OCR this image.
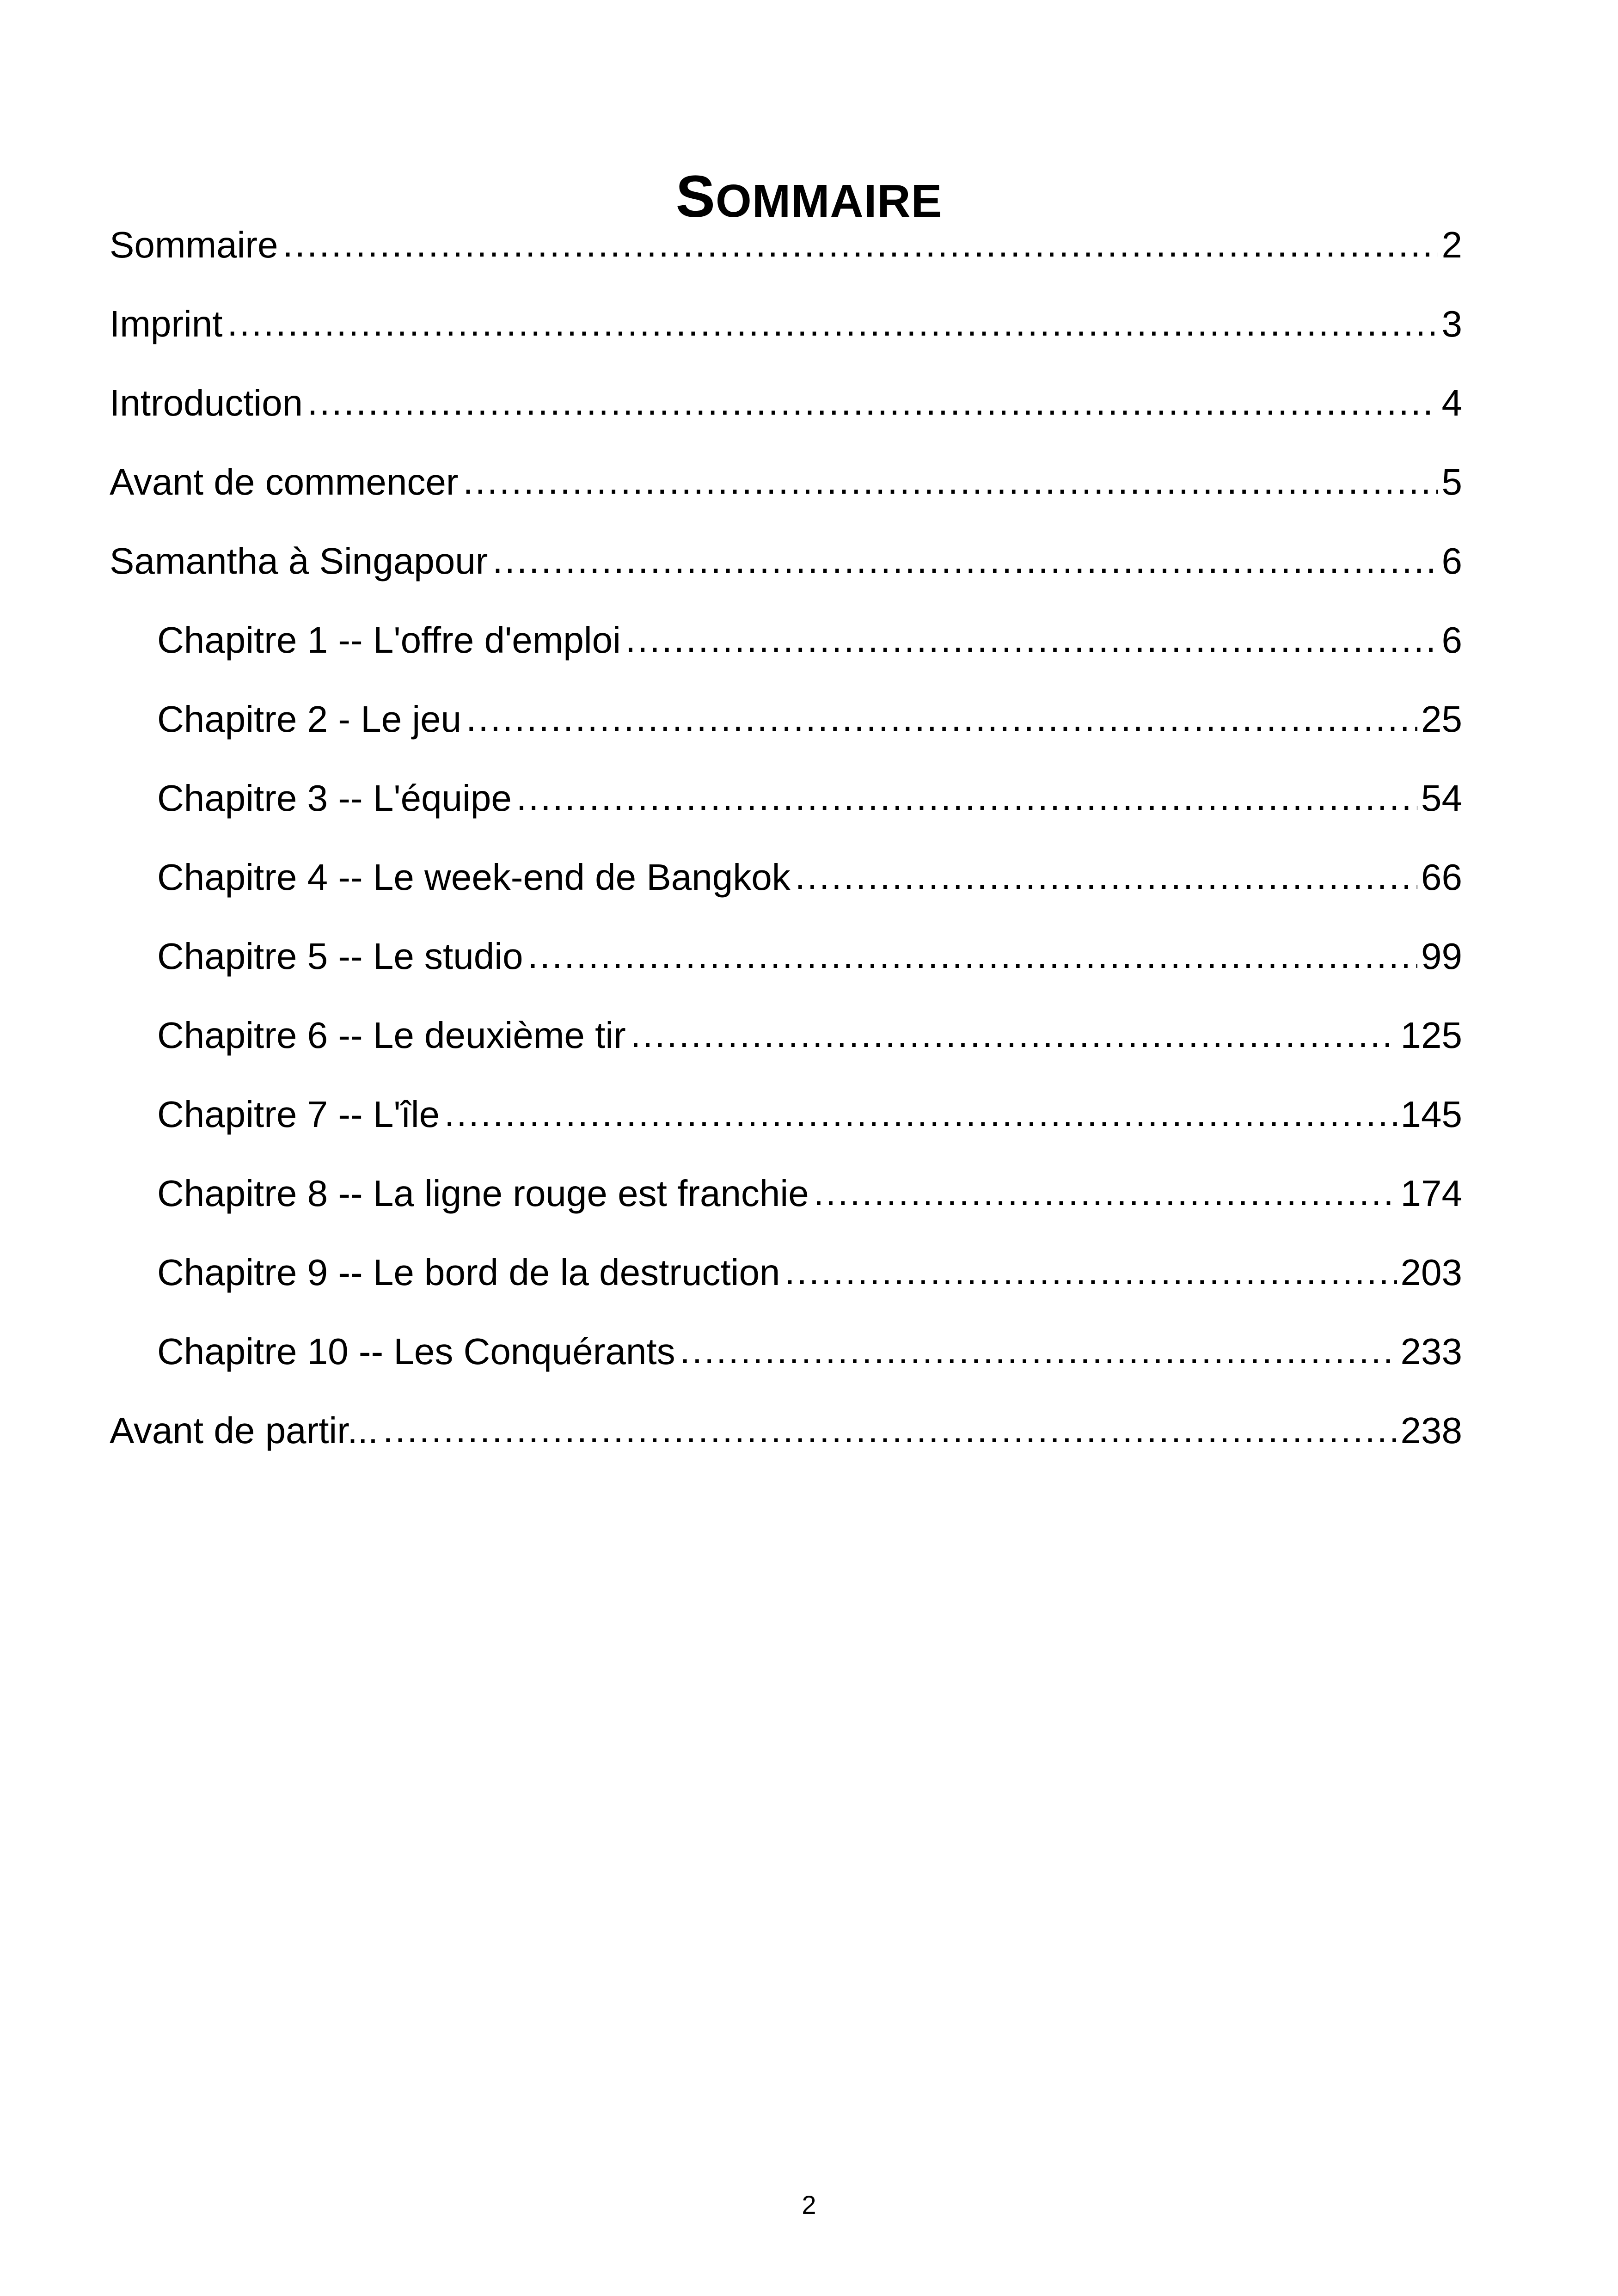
SOMMAIRE
Sommaire .....	2
Imprint .....	3
Introduction .....	4
Avant de commencer .....	5
Samantha à Singapour .....	6
Chapitre 1 -- L'offre d'emploi .....	6
Chapitre 2 - Le jeu .....	25
Chapitre 3 -- L'équipe .....	54
Chapitre 4 -- Le week-end de Bangkok .....	66
Chapitre 5 -- Le studio .....	99
Chapitre 6 -- Le deuxième tir .....	125
Chapitre 7 -- L'île .....	145
Chapitre 8 -- La ligne rouge est franchie .....	174
Chapitre 9 -- Le bord de la destruction .....	203
Chapitre 10 -- Les Conquérants .....	233
Avant de partir... .....	238
2
